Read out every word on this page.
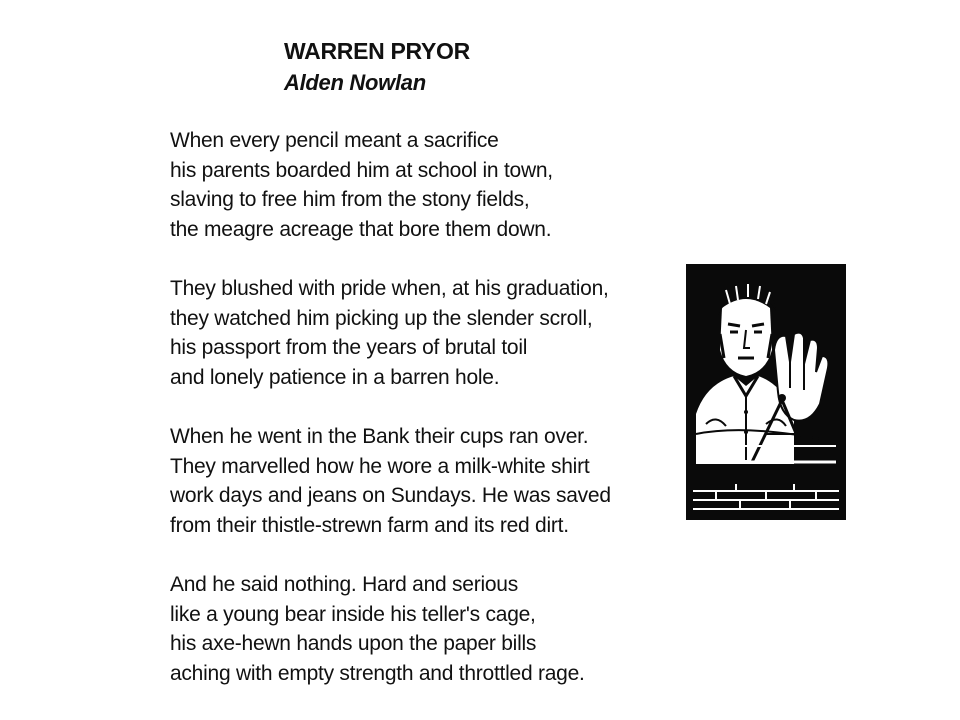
WARREN PRYOR
Alden Nowlan
When every pencil meant a sacrifice
his parents boarded him at school in town,
slaving to free him from the stony fields,
the meagre acreage that bore them down.
They blushed with pride when, at his graduation,
they watched him picking up the slender scroll,
his passport from the years of brutal toil
and lonely patience in a barren hole.
When he went in the Bank their cups ran over.
They marvelled how he wore a milk-white shirt
work days and jeans on Sundays. He was saved
from their thistle-strewn farm and its red dirt.
And he said nothing. Hard and serious
like a young bear inside his teller's cage,
his axe-hewn hands upon the paper bills
aching with empty strength and throttled rage.
